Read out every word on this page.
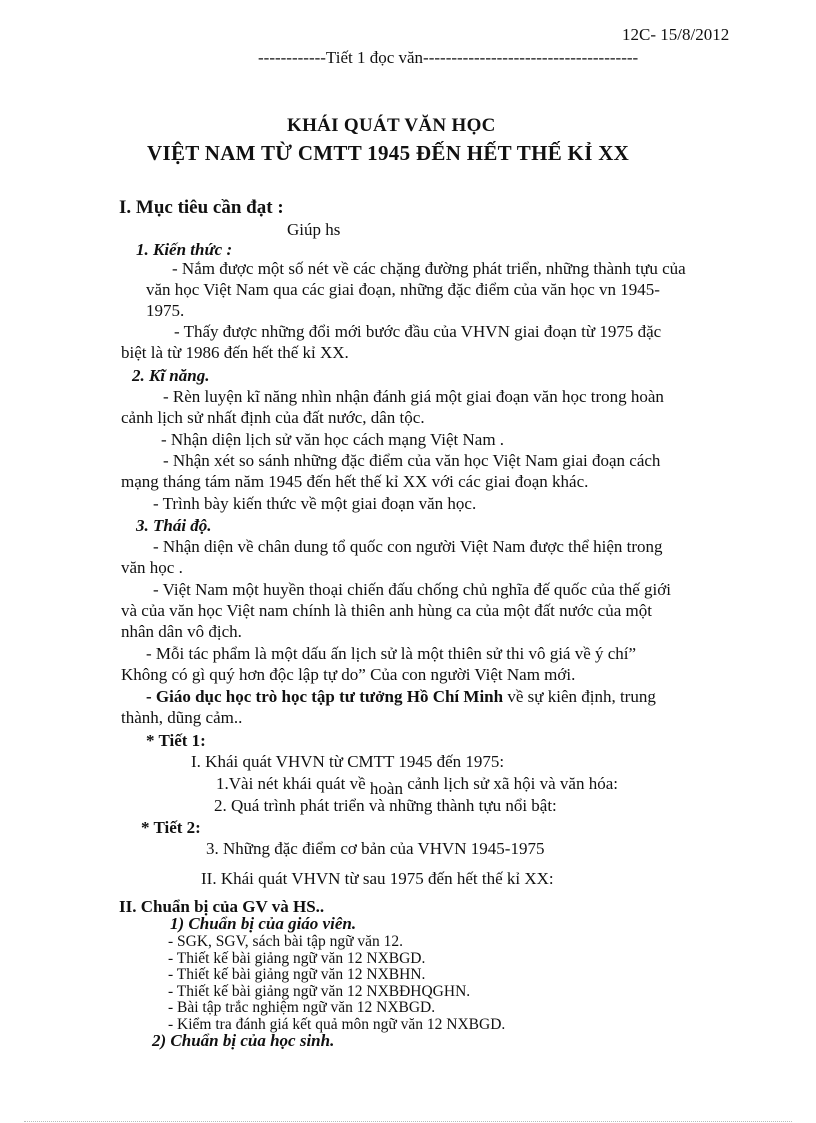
12C- 15/8/2012
------------Tiết 1 đọc văn--------------------------------------
KHÁI QUÁT VĂN HỌC
VIỆT NAM TỪ CMTT 1945 ĐẾN HẾT THẾ KỈ XX
I. Mục tiêu cần đạt :
Giúp hs
1. Kiến thức :
- Nắm được một số nét về các chặng đường phát triển, những thành tựu của
văn học Việt Nam qua các giai đoạn, những đặc điểm của văn học vn 1945-
1975.
- Thấy được những đổi mới bước đầu của VHVN giai đoạn từ 1975 đặc
biệt là từ 1986 đến hết thế kỉ XX.
2. Kĩ năng.
- Rèn luyện kĩ năng nhìn nhận đánh giá một giai đoạn văn học trong hoàn
cảnh lịch sử nhất định của đất nước, dân tộc.
- Nhận diện lịch sử văn học cách mạng Việt Nam .
- Nhận xét so sánh những đặc điểm của văn học Việt Nam giai đoạn cách
mạng tháng tám năm 1945 đến hết thế kỉ XX với các giai đoạn khác.
- Trình bày kiến thức về một giai đoạn văn học.
3. Thái độ.
- Nhận diện về chân dung tổ quốc con người Việt Nam được thể hiện trong
văn học .
- Việt Nam một huyền thoại chiến đấu chống chủ nghĩa đế quốc của thế giới
và của văn học Việt nam chính là thiên anh hùng ca của một đất nước của một
nhân dân vô địch.
- Mỗi tác phẩm là một dấu ấn lịch sử là một thiên sử thi vô giá về ý chí”
Không có gì quý hơn độc lập tự do” Của con người Việt Nam mới.
- Giáo dục học trò học tập tư tưởng Hồ Chí Minh về sự kiên định, trung
thành, dũng cảm..
* Tiết 1:
I. Khái quát VHVN từ CMTT 1945 đến 1975:
1.Vài nét khái quát về hoàn cảnh lịch sử xã hội và văn hóa:
2. Quá trình phát triển và những thành tựu nổi bật:
* Tiết 2:
3. Những đặc điểm cơ bản của VHVN 1945-1975
II. Khái quát VHVN từ sau 1975 đến hết thế kỉ XX:
II. Chuẩn bị của GV và HS..
1) Chuẩn bị của giáo viên.
- SGK, SGV, sách bài tập ngữ văn 12.
- Thiết kế bài giảng ngữ văn 12 NXBGD.
- Thiết kế bài giảng ngữ văn 12 NXBHN.
- Thiết kế bài giảng ngữ văn 12 NXBĐHQGHN.
- Bài tập trắc nghiệm ngữ văn 12 NXBGD.
- Kiểm tra đánh giá kết quả môn ngữ văn 12 NXBGD.
2) Chuẩn bị của học sinh.
